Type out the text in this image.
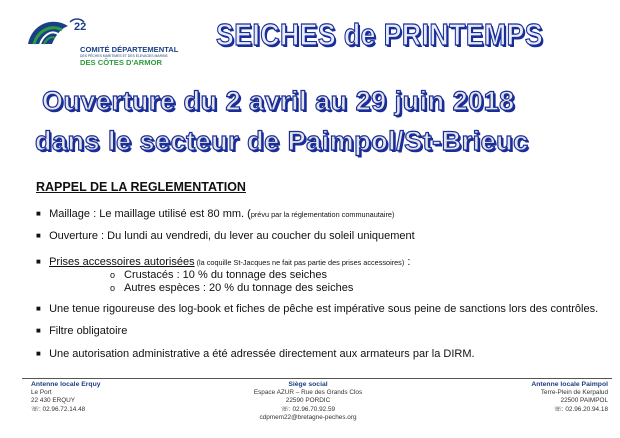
22
COMITÉ DÉPARTEMENTAL
DES PÊCHES MARITIMES ET DES ÉLEVAGES MARINS
DES CÔTES D'ARMOR
SEICHES de PRINTEMPS
Ouverture du 2 avril au 29 juin 2018
dans le secteur de Paimpol/St-Brieuc
RAPPEL DE LA REGLEMENTATION
■ Maillage : Le maillage utilisé est 80 mm. (prévu par la réglementation communautaire)
■ Ouverture : Du lundi au vendredi, du lever au coucher du soleil uniquement
■ Prises accessoires autorisées (la coquille St-Jacques ne fait pas partie des prises accessoires) :
o Crustacés : 10 % du tonnage des seiches
o Autres espèces : 20 % du tonnage des seiches
■ Une tenue rigoureuse des log-book et fiches de pêche est impérative sous peine de sanctions lors des contrôles.
■ Filtre obligatoire
■ Une autorisation administrative a été adressée directement aux armateurs par la DIRM.
Antenne locale Erquy
Le Port
22 430 ERQUY
☏: 02.96.72.14.48
Siège social
Espace AZUR – Rue des Grands Clos
22590 PORDIC
☏: 02.96.70.92.59
cdpmem22@bretagne-peches.org
Antenne locale Paimpol
Terre-Plein de Kerpalud
22500 PAIMPOL
☏: 02.96.20.94.18
